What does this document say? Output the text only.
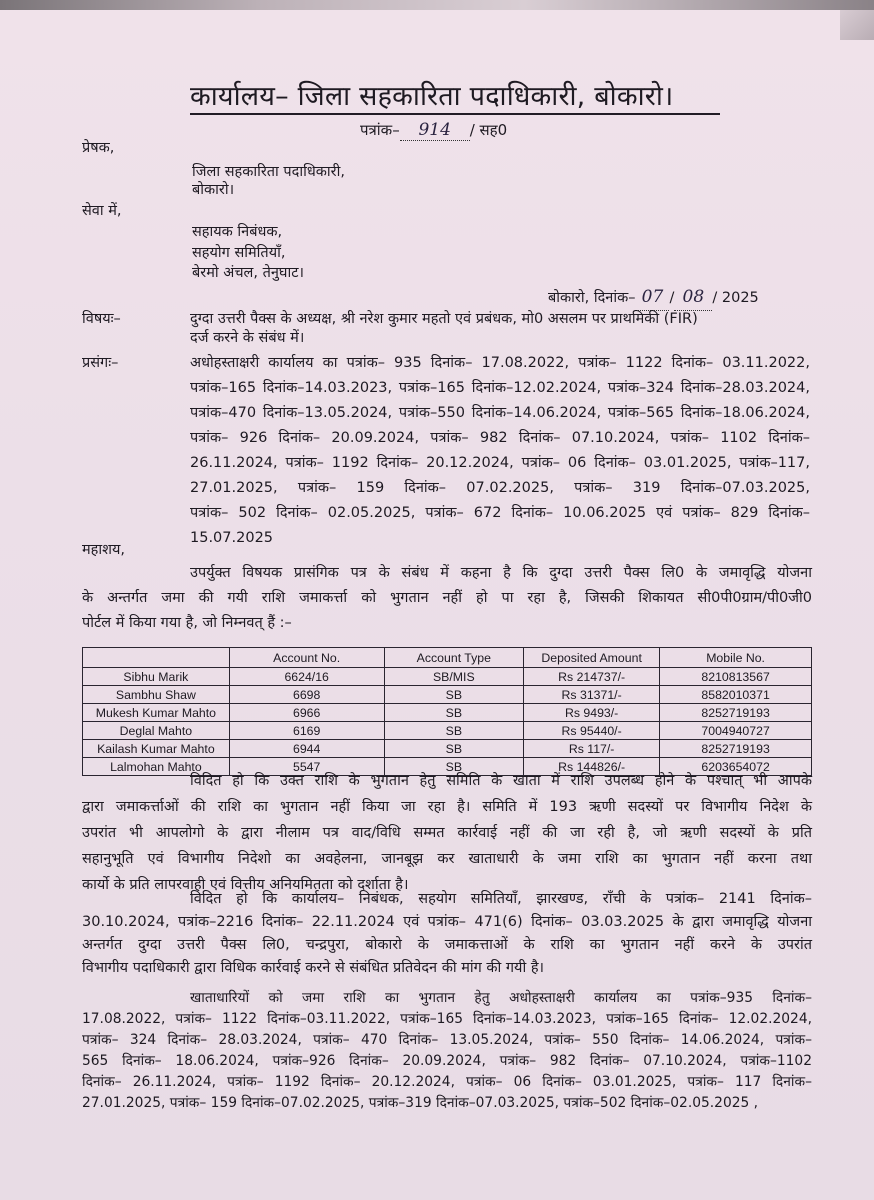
कार्यालय– जिला सहकारिता पदाधिकारी, बोकारो।
पत्रांक– 914 / सह0
प्रेषक,
जिला सहकारिता पदाधिकारी,
बोकारो।
सेवा में,
सहायक निबंधक,
सहयोग समितियाँ,
बेरमो अंचल, तेनुघाट।
बोकारो, दिनांक– 07 / 08 / 2025
विषयः–	दुग्दा उत्तरी पैक्स के अध्यक्ष, श्री नरेश कुमार महतो एवं प्रबंधक, मो0 असलम पर प्राथमिकी (FIR)
दर्ज करने के संबंध में।
प्रसंगः–	अधोहस्ताक्षरी कार्यालय का पत्रांक– 935 दिनांक– 17.08.2022, पत्रांक– 1122 दिनांक– 03.11.2022,
पत्रांक–165 दिनांक–14.03.2023, पत्रांक–165 दिनांक–12.02.2024, पत्रांक–324 दिनांक–28.03.2024,
पत्रांक–470 दिनांक–13.05.2024, पत्रांक–550 दिनांक–14.06.2024, पत्रांक–565 दिनांक–18.06.2024,
पत्रांक– 926 दिनांक– 20.09.2024, पत्रांक– 982 दिनांक– 07.10.2024, पत्रांक– 1102 दिनांक–
26.11.2024, पत्रांक– 1192 दिनांक– 20.12.2024, पत्रांक– 06 दिनांक– 03.01.2025, पत्रांक–117,
27.01.2025, पत्रांक– 159 दिनांक– 07.02.2025, पत्रांक– 319 दिनांक–07.03.2025,
पत्रांक– 502 दिनांक– 02.05.2025, पत्रांक– 672 दिनांक– 10.06.2025 एवं पत्रांक– 829 दिनांक–
15.07.2025
महाशय,
उपर्युक्त विषयक प्रासंगिक पत्र के संबंध में कहना है कि दुग्दा उत्तरी पैक्स लि0 के जमावृद्धि योजना
के अन्तर्गत जमा की गयी राशि जमाकर्त्ता को भुगतान नहीं हो पा रहा है, जिसकी शिकायत सी0पी0ग्राम/पी0जी0
पोर्टल में किया गया है, जो निम्नवत् हैं :–
	Account No.	Account Type	Deposited Amount	Mobile No.
Sibhu Marik	6624/16	SB/MIS	Rs 214737/-	8210813567
Sambhu Shaw	6698	SB	Rs 31371/-	8582010371
Mukesh Kumar Mahto	6966	SB	Rs 9493/-	8252719193
Deglal Mahto	6169	SB	Rs 95440/-	7004940727
Kailash Kumar Mahto	6944	SB	Rs 117/-	8252719193
Lalmohan Mahto	5547	SB	Rs 144826/-	6203654072
विदित हो कि उक्त राशि के भुगतान हेतु समिति के खाता में राशि उपलब्ध होने के पश्चात् भी आपके
द्वारा जमाकर्त्ताओं की राशि का भुगतान नहीं किया जा रहा है। समिति में 193 ऋणी सदस्यों पर विभागीय निदेश के
उपरांत भी आपलोगो के द्वारा नीलाम पत्र वाद/विधि सम्मत कार्रवाई नहीं की जा रही है, जो ऋणी सदस्यों के प्रति
सहानुभूति एवं विभागीय निदेशो का अवहेलना, जानबूझ कर खाताधारी के जमा राशि का भुगतान नहीं करना तथा
कार्यो के प्रति लापरवाही एवं वित्तीय अनियमितता को दर्शाता है।
विदित हो कि कार्यालय– निबंधक, सहयोग समितियाँ, झारखण्ड, राँची के पत्रांक– 2141 दिनांक–
30.10.2024, पत्रांक–2216 दिनांक– 22.11.2024 एवं पत्रांक– 471(6) दिनांक– 03.03.2025 के द्वारा जमावृद्धि योजना
अन्तर्गत दुग्दा उत्तरी पैक्स लि0, चन्द्रपुरा, बोकारो के जमाकत्ताओं के राशि का भुगतान नहीं करने के उपरांत
विभागीय पदाधिकारी द्वारा विधिक कार्रवाई करने से संबंधित प्रतिवेदन की मांग की गयी है।
खाताधारियों को जमा राशि का भुगतान हेतु अधोहस्ताक्षरी कार्यालय का पत्रांक–935 दिनांक–
17.08.2022, पत्रांक– 1122 दिनांक–03.11.2022, पत्रांक–165 दिनांक–14.03.2023, पत्रांक–165 दिनांक– 12.02.2024,
पत्रांक– 324 दिनांक– 28.03.2024, पत्रांक– 470 दिनांक– 13.05.2024, पत्रांक– 550 दिनांक– 14.06.2024, पत्रांक–
565 दिनांक– 18.06.2024, पत्रांक–926 दिनांक– 20.09.2024, पत्रांक– 982 दिनांक– 07.10.2024, पत्रांक–1102
दिनांक– 26.11.2024, पत्रांक– 1192 दिनांक– 20.12.2024, पत्रांक– 06 दिनांक– 03.01.2025, पत्रांक– 117 दिनांक–
27.01.2025, पत्रांक– 159 दिनांक–07.02.2025, पत्रांक–319 दिनांक–07.03.2025, पत्रांक–502 दिनांक–02.05.2025 ,
